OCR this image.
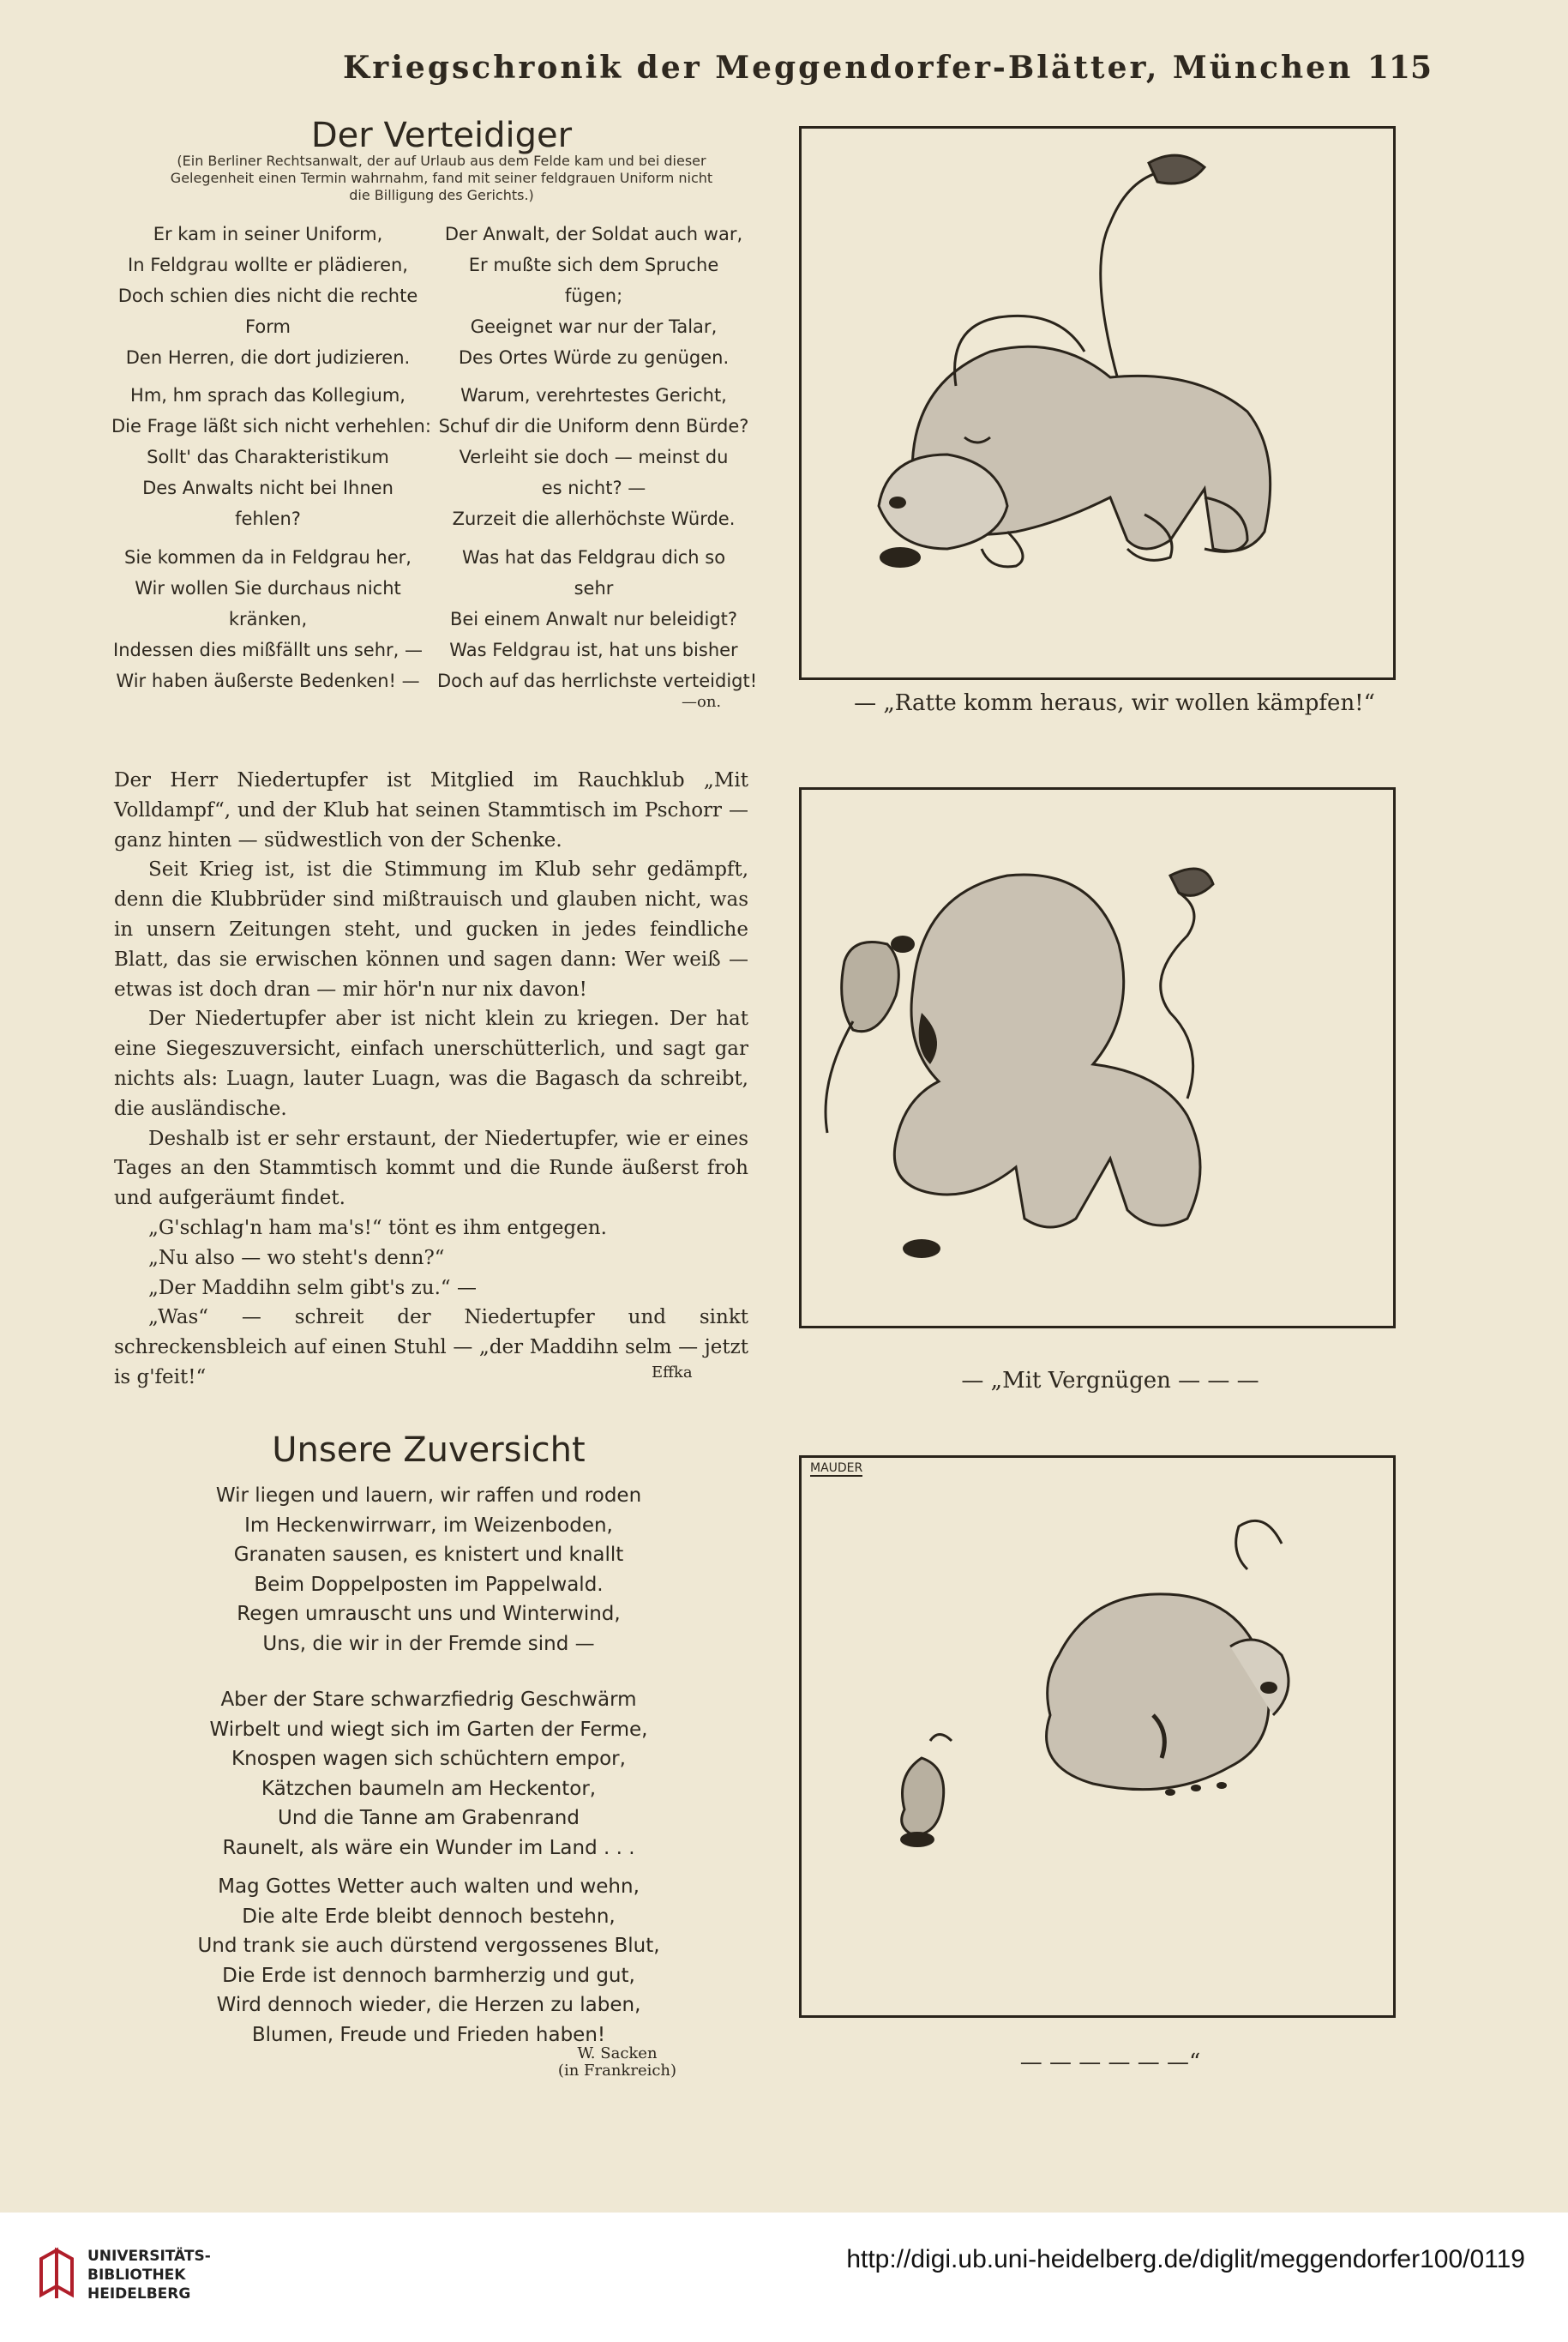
Kriegschronik der Meggendorfer-Blätter, München 115
Der Verteidiger
(Ein Berliner Rechtsanwalt, der auf Urlaub aus dem Felde kam und bei dieser
Gelegenheit einen Termin wahrnahm, fand mit seiner feldgrauen Uniform nicht
die Billigung des Gerichts.)
Er kam in seiner Uniform,
In Feldgrau wollte er plädieren,
Doch schien dies nicht die rechte
Form
Den Herren, die dort judizieren.
Der Anwalt, der Soldat auch war,
Er mußte sich dem Spruche
fügen;
Geeignet war nur der Talar,
Des Ortes Würde zu genügen.
Hm, hm sprach das Kollegium,
Die Frage läßt sich nicht verhehlen:
Sollt' das Charakteristikum
Des Anwalts nicht bei Ihnen
fehlen?
Warum, verehrtestes Gericht,
Schuf dir die Uniform denn Bürde?
Verleiht sie doch — meinst du
es nicht? —
Zurzeit die allerhöchste Würde.
Sie kommen da in Feldgrau her,
Wir wollen Sie durchaus nicht
kränken,
Indessen dies mißfällt uns sehr, —
Wir haben äußerste Bedenken! —
Was hat das Feldgrau dich so
sehr
Bei einem Anwalt nur beleidigt?
Was Feldgrau ist, hat uns bisher
Doch auf das herrlichste verteidigt!
—on.

Der Herr Niedertupfer ist Mitglied im Rauchklub „Mit Volldampf“, und der Klub hat seinen Stammtisch im Pschorr — ganz hinten — südwestlich von der Schenke.

Seit Krieg ist, ist die Stimmung im Klub sehr gedämpft, denn die Klubbrüder sind mißtrauisch und glauben nicht, was in unsern Zeitungen steht, und gucken in jedes feindliche Blatt, das sie erwischen können und sagen dann: Wer weiß — etwas ist doch dran — mir hör'n nur nix davon!

Der Niedertupfer aber ist nicht klein zu kriegen. Der hat eine Siegeszuversicht, einfach unerschütterlich, und sagt gar nichts als: Luagn, lauter Luagn, was die Bagasch da schreibt, die ausländische.

Deshalb ist er sehr erstaunt, der Niedertupfer, wie er eines Tages an den Stammtisch kommt und die Runde äußerst froh und aufgeräumt findet.

„G'schlag'n ham ma's!“ tönt es ihm entgegen.

„Nu also — wo steht's denn?“

„Der Maddihn selm gibt's zu.“ —

„Was“ — schreit der Niedertupfer und sinkt schreckensbleich auf einen Stuhl — „der Maddihn selm — jetzt is g'feit!“	Effka
Unsere Zuversicht
Wir liegen und lauern, wir raffen und roden
Im Heckenwirrwarr, im Weizenboden,
Granaten sausen, es knistert und knallt
Beim Doppelposten im Pappelwald.
Regen umrauscht uns und Winterwind,
Uns, die wir in der Fremde sind —
Aber der Stare schwarzfiedrig Geschwärm
Wirbelt und wiegt sich im Garten der Ferme,
Knospen wagen sich schüchtern empor,
Kätzchen baumeln am Heckentor,
Und die Tanne am Grabenrand
Raunelt, als wäre ein Wunder im Land . . .
Mag Gottes Wetter auch walten und wehn,
Die alte Erde bleibt dennoch bestehn,
Und trank sie auch dürstend vergossenes Blut,
Die Erde ist dennoch barmherzig und gut,
Wird dennoch wieder, die Herzen zu laben,
Blumen, Freude und Frieden haben!
W. Sacken
(in Frankreich)
— „Ratte komm heraus, wir wollen kämpfen!“
— „Mit Vergnügen — — —
MAUDER
— — — — — —“
UNIVERSITÄTS-
BIBLIOTHEK
HEIDELBERG
http://digi.ub.uni-heidelberg.de/diglit/meggendorfer100/0119
